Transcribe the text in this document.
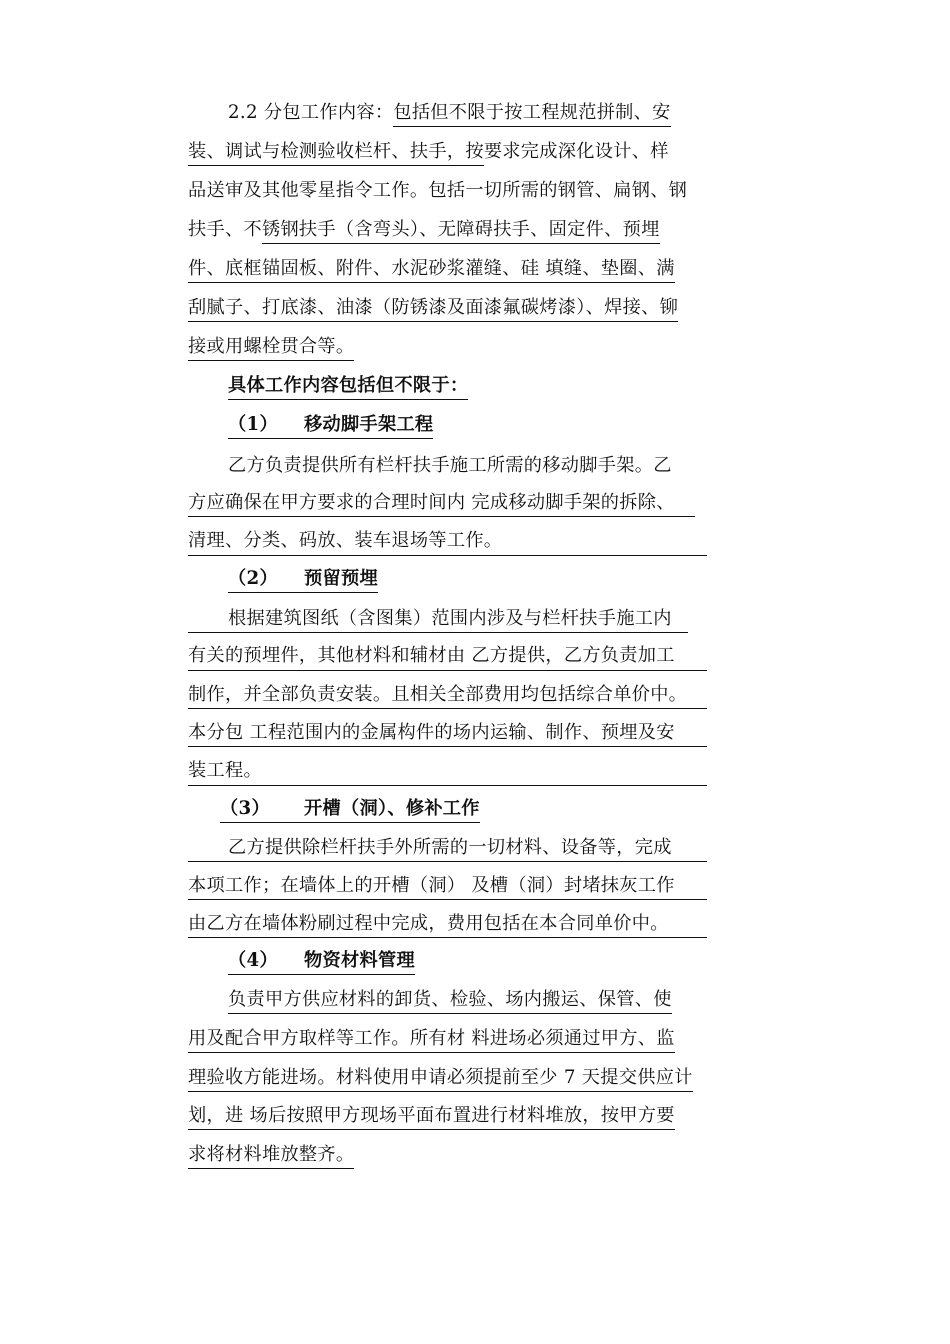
2.2 分包工作内容：包括但不限于按工程规范拼制、安
装、调试与检测验收栏杆、扶手，按要求完成深化设计、样
品送审及其他零星指令工作。包括一切所需的钢管、扁钢、钢
扶手、不锈钢扶手（含弯头）、无障碍扶手、固定件、预埋
件、底框锚固板、附件、水泥砂浆灌缝、硅 填缝、垫圈、满
刮腻子、打底漆、油漆（防锈漆及面漆氟碳烤漆）、焊接、铆
接或用螺栓贯合等。
具体工作内容包括但不限于：
（1） 移动脚手架工程
乙方负责提供所有栏杆扶手施工所需的移动脚手架。乙
方应确保在甲方要求的合理时间内 完成移动脚手架的拆除、
清理、分类、码放、装车退场等工作。
（2） 预留预埋
根据建筑图纸（含图集）范围内涉及与栏杆扶手施工内
有关的预埋件，其他材料和辅材由 乙方提供，乙方负责加工
制作，并全部负责安装。且相关全部费用均包括综合单价中。
本分包 工程范围内的金属构件的场内运输、制作、预埋及安
装工程。
（3） 开槽（洞）、修补工作
乙方提供除栏杆扶手外所需的一切材料、设备等，完成
本项工作；在墙体上的开槽（洞） 及槽（洞）封堵抹灰工作
由乙方在墙体粉刷过程中完成，费用包括在本合同单价中。
（4） 物资材料管理
负责甲方供应材料的卸货、检验、场内搬运、保管、使
用及配合甲方取样等工作。所有材 料进场必须通过甲方、监
理验收方能进场。材料使用申请必须提前至少 7 天提交供应计
划，进 场后按照甲方现场平面布置进行材料堆放，按甲方要
求将材料堆放整齐。
